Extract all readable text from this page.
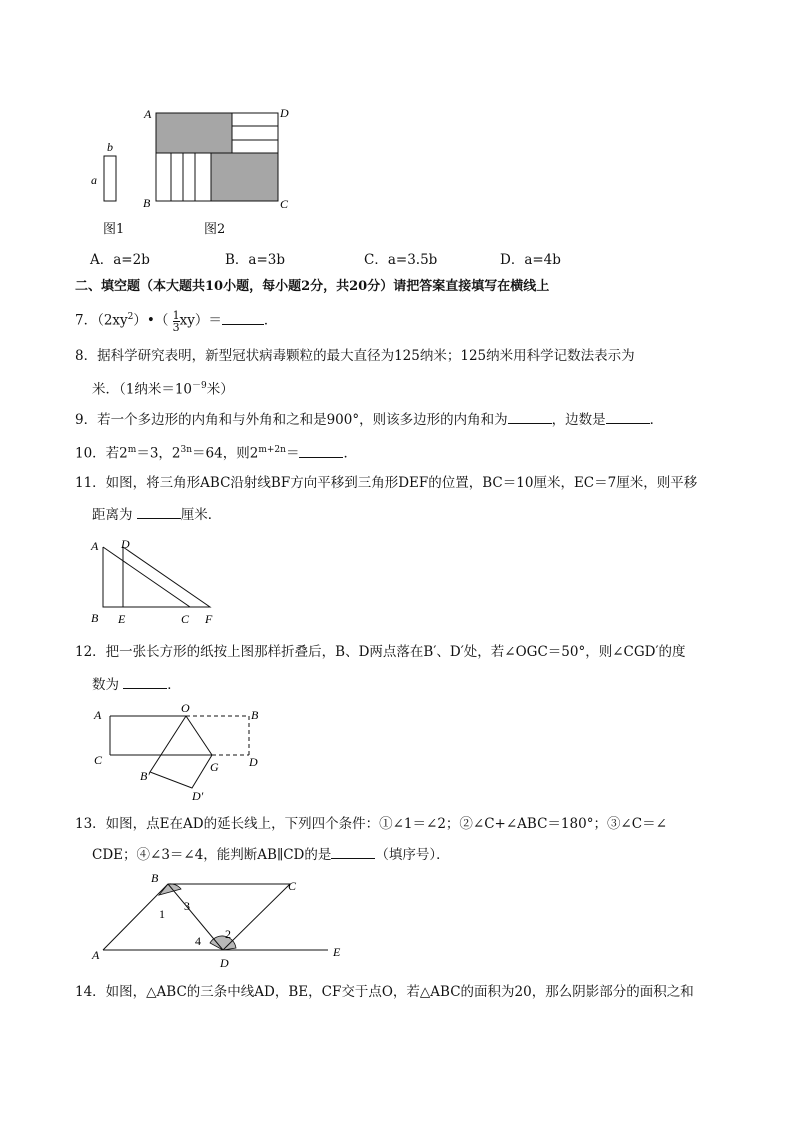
b
a
A	D
B	C
图1	图2
A．a=2b	B．a=3b	C．a=3.5b	D．a=4b
二、填空题（本大题共10小题，每小题2分，共20分）请把答案直接填写在横线上
7．$(2xy^2)•( \frac{1}{3} xy)=$	．
8．据科学研究表明，新型冠状病毒颗粒的最大直径为125纳米；125纳米用科学记数法表示为
米．（1纳米$=10^{-9}$米）
9．若一个多边形的内角和与外角和之和是900°，则该多边形的内角和为	，边数是	．
10．若$2^m=3$，$2^{3n}=64$，则$2^{m+2n}=$	．
11．如图，将三角形ABC沿射线BF方向平移到三角形DEF的位置，BC＝10厘米，EC＝7厘米，则平移
距离为	厘米．
A D
B E	C F
12．把一张长方形的纸按上图那样折叠后，B、D两点落在B′、D′处，若∠OGC＝50°，则∠CGD′的度
数为	．
A	O	B
C	G	D
B′
D′
13．如图，点E在AD的延长线上，下列四个条件：①∠1＝∠2；②∠C+∠ABC＝180°；③∠C＝∠
CDE；④∠3＝∠4，能判断AB∥CD的是	（填序号）．
B
C
A
D
E
1
2
3
4
14．如图，△ABC的三条中线AD，BE，CF交于点O，若△ABC的面积为20，那么阴影部分的面积之和
